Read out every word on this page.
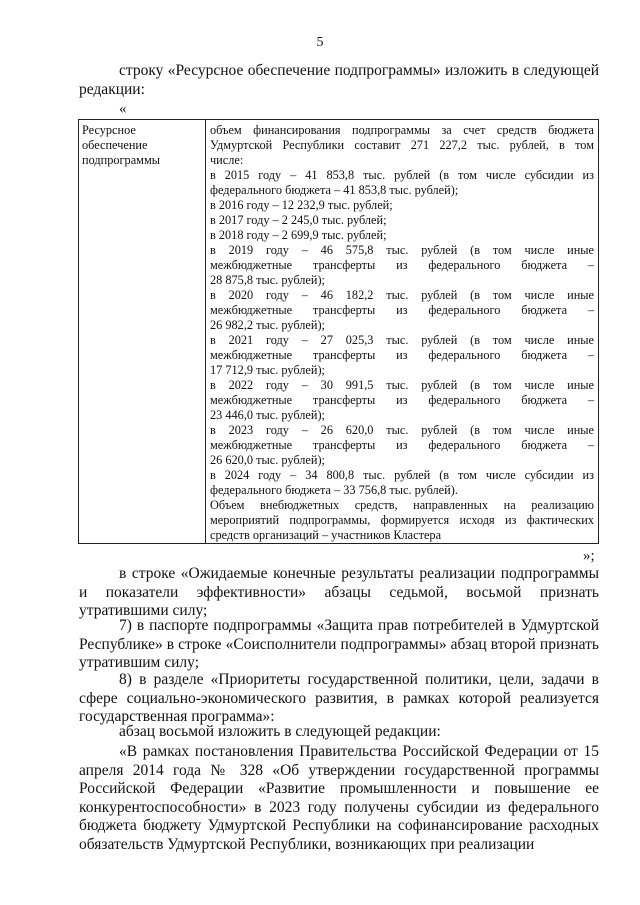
5
строку «Ресурсное обеспечение подпрограммы» изложить в следующей редакции:
«
Ресурсное обеспечение подпрограммы
объем финансирования подпрограммы за счет средств бюджета
Удмуртской Республики составит 271 227,2 тыс. рублей, в том
числе:
в 2015 году – 41 853,8 тыс. рублей (в том числе субсидии из
федерального бюджета – 41 853,8 тыс. рублей);
в 2016 году – 12 232,9 тыс. рублей;
в 2017 году – 2 245,0 тыс. рублей;
в 2018 году – 2 699,9 тыс. рублей;
в 2019 году – 46 575,8 тыс. рублей (в том числе иные
межбюджетные трансферты из федерального бюджета –
28 875,8 тыс. рублей);
в 2020 году – 46 182,2 тыс. рублей (в том числе иные
межбюджетные трансферты из федерального бюджета –
26 982,2 тыс. рублей);
в 2021 году – 27 025,3 тыс. рублей (в том числе иные
межбюджетные трансферты из федерального бюджета –
17 712,9 тыс. рублей);
в 2022 году – 30 991,5 тыс. рублей (в том числе иные
межбюджетные трансферты из федерального бюджета –
23 446,0 тыс. рублей);
в 2023 году – 26 620,0 тыс. рублей (в том числе иные
межбюджетные трансферты из федерального бюджета –
26 620,0 тыс. рублей);
в 2024 году – 34 800,8 тыс. рублей (в том числе субсидии из
федерального бюджета – 33 756,8 тыс. рублей).
Объем внебюджетных средств, направленных на реализацию
мероприятий подпрограммы, формируется исходя из фактических
средств организаций – участников Кластера
»;
в строке «Ожидаемые конечные результаты реализации подпрограммы и показатели эффективности» абзацы седьмой, восьмой признать утратившими силу;
7) в паспорте подпрограммы «Защита прав потребителей в Удмуртской Республике» в строке «Соисполнители подпрограммы» абзац второй признать утратившим силу;
8) в разделе «Приоритеты государственной политики, цели, задачи в сфере социально-экономического развития, в рамках которой реализуется государственная программа»:
абзац восьмой изложить в следующей редакции:
«В рамках постановления Правительства Российской Федерации от 15 апреля 2014 года № 328 «Об утверждении государственной программы Российской Федерации «Развитие промышленности и повышение ее конкурентоспособности» в 2023 году получены субсидии из федерального бюджета бюджету Удмуртской Республики на софинансирование расходных обязательств Удмуртской Республики, возникающих при реализации
